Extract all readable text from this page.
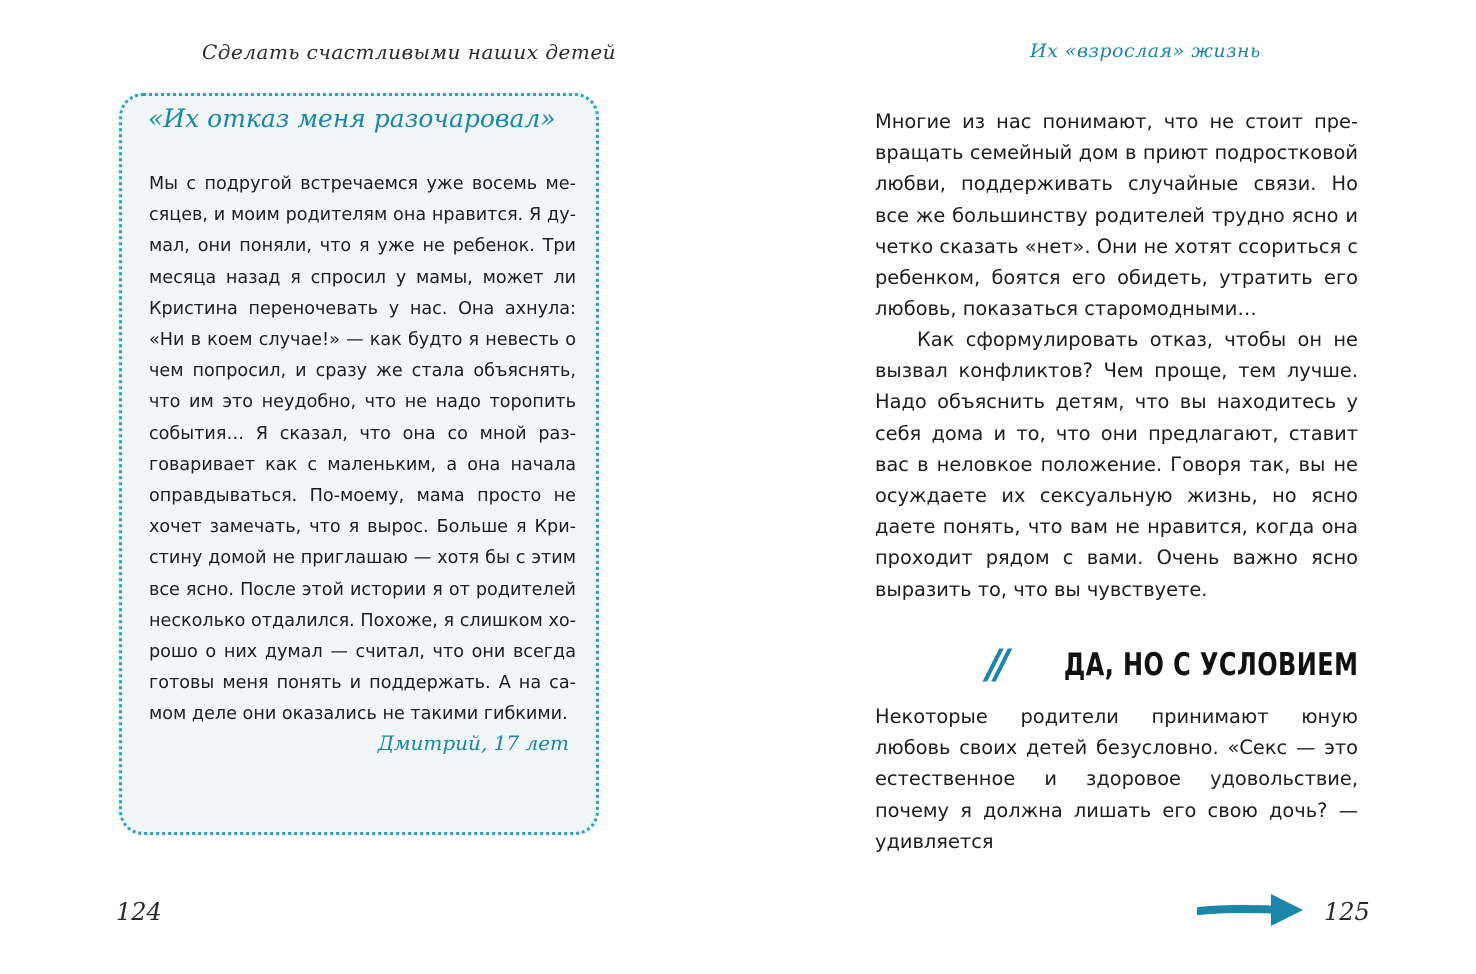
Сделать счастливыми наших детей
«Их отказ меня разочаровал»

Мы с подругой встречаемся уже восемь месяцев, и моим родителям она нравится. Я думал, они поняли, что я уже не ребенок. Три месяца назад я спросил у мамы, может ли Кристина переночевать у нас. Она ахнула: «Ни в коем случае!» — как будто я невесть о чем попросил, и сразу же стала объяснять, что им это неудобно, что не надо торопить события… Я сказал, что она со мной разговаривает как с маленьким, а она начала оправдываться. По-моему, мама просто не хочет замечать, что я вырос. Больше я Кристину домой не приглашаю — хотя бы с этим все ясно. После этой истории я от родителей несколько отдалился. Похоже, я слишком хорошо о них думал — считал, что они всегда готовы меня понять и поддержать. А на самом деле они оказались не такими гибкими.

Дмитрий, 17 лет
124
Их «взрослая» жизнь

Многие из нас понимают, что не стоит превращать семейный дом в приют подростковой любви, поддерживать случайные связи. Но все же большинству родителей трудно ясно и четко сказать «нет». Они не хотят ссориться с ребенком, боятся его обидеть, утратить его любовь, показаться старомодными…

Как сформулировать отказ, чтобы он не вызвал конфликтов? Чем проще, тем лучше. Надо объяснить детям, что вы находитесь у себя дома и то, что они предлагают, ставит вас в неловкое положение. Говоря так, вы не осуждаете их сексуальную жизнь, но ясно даете понять, что вам не нравится, когда она проходит рядом с вами. Очень важно ясно выразить то, что вы чувствуете.

// ДА, НО С УСЛОВИЕМ

Некоторые родители принимают юную любовь своих детей безусловно. «Секс — это естественное и здоровое удовольствие, почему я должна лишать его свою дочь? — удивляется

125
